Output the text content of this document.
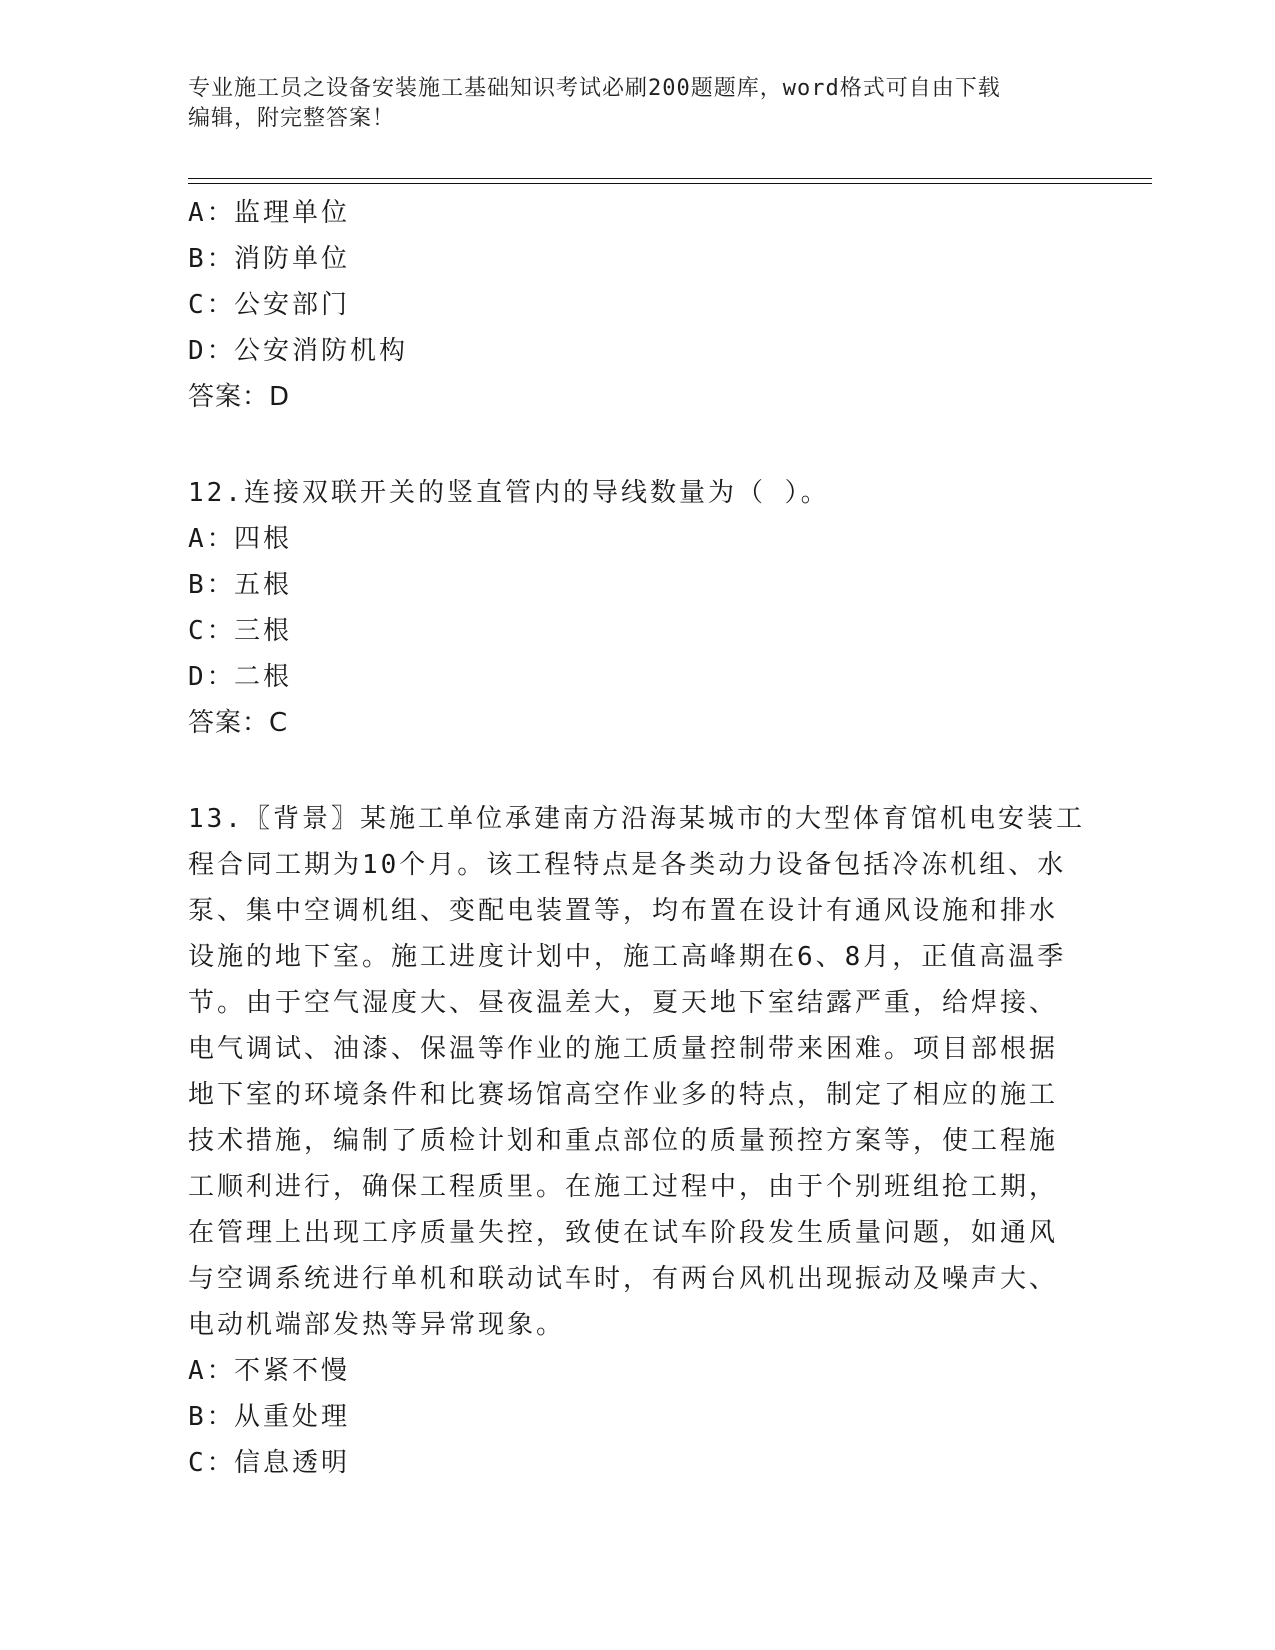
专业施工员之设备安装施工基础知识考试必刷200题题库，word格式可自由下载
编辑，附完整答案！
A：监理单位
B：消防单位
C：公安部门
D：公安消防机构
答案：D
12.连接双联开关的竖直管内的导线数量为（ ）。
A：四根
B：五根
C：三根
D：二根
答案：C
13.〖背景〗某施工单位承建南方沿海某城市的大型体育馆机电安装工
程合同工期为10个月。该工程特点是各类动力设备包括冷冻机组、水
泵、集中空调机组、变配电装置等，均布置在设计有通风设施和排水
设施的地下室。施工进度计划中，施工高峰期在6、8月，正值高温季
节。由于空气湿度大、昼夜温差大，夏天地下室结露严重，给焊接、
电气调试、油漆、保温等作业的施工质量控制带来困难。项目部根据
地下室的环境条件和比赛场馆高空作业多的特点，制定了相应的施工
技术措施，编制了质检计划和重点部位的质量预控方案等，使工程施
工顺利进行，确保工程质里。在施工过程中，由于个别班组抢工期，
在管理上出现工序质量失控，致使在试车阶段发生质量问题，如通风
与空调系统进行单机和联动试车时，有两台风机出现振动及噪声大、
电动机端部发热等异常现象。
A：不紧不慢
B：从重处理
C：信息透明
